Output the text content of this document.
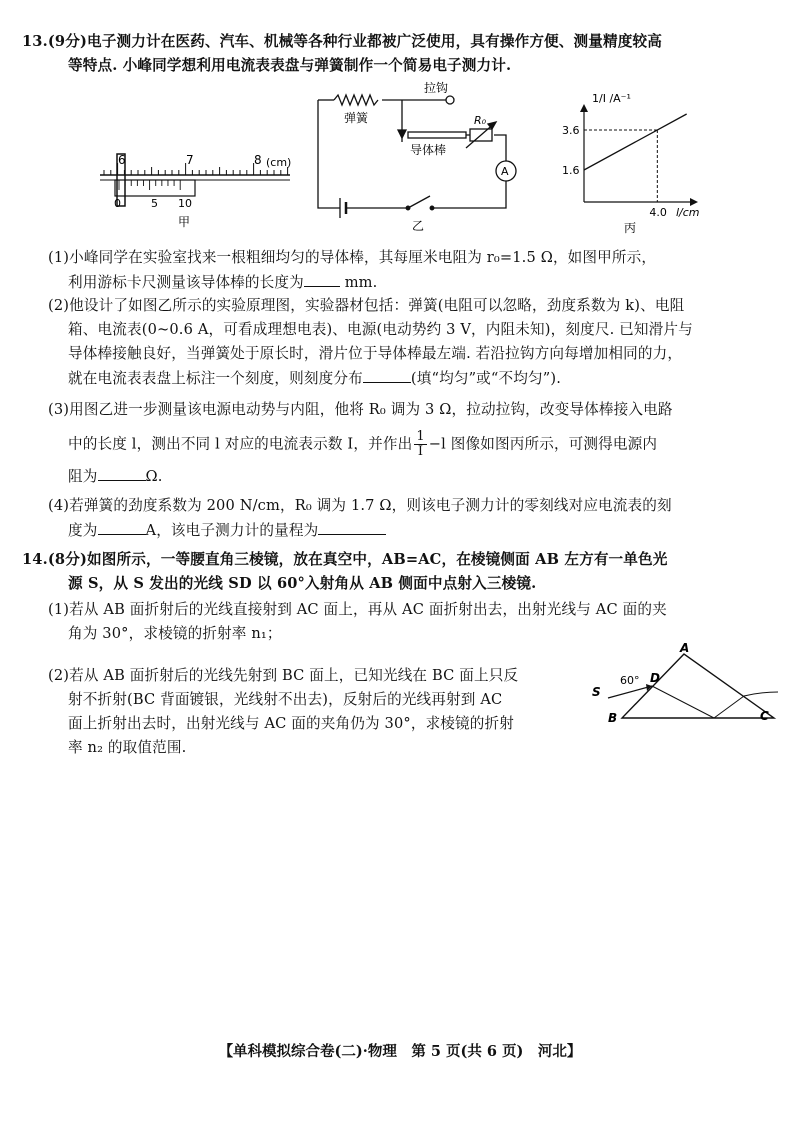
13.(9分)电子测力计在医药、汽车、机械等各种行业都被广泛使用，具有操作方便、测量精度较高
等特点. 小峰同学想利用电流表表盘与弹簧制作一个简易电子测力计.
6	7	8 (cm)
0	5 10
甲
拉钩
弹簧
导体棒
R₀
A
乙
1/I /A⁻¹
3.6
1.6
4.0 l/cm
丙
(1)小峰同学在实验室找来一根粗细均匀的导体棒，其每厘米电阻为 r₀=1.5 Ω，如图甲所示，
利用游标卡尺测量该导体棒的长度为 mm.
(2)他设计了如图乙所示的实验原理图，实验器材包括：弹簧(电阻可以忽略，劲度系数为 k)、电阻
箱、电流表(0~0.6 A，可看成理想电表)、电源(电动势约 3 V，内阻未知)，刻度尺. 已知滑片与
导体棒接触良好，当弹簧处于原长时，滑片位于导体棒最左端. 若沿拉钩方向每增加相同的力，
就在电流表表盘上标注一个刻度，则刻度分布	(填“均匀”或“不均匀”).
(3)用图乙进一步测量该电源电动势与内阻，他将 R₀ 调为 3 Ω，拉动拉钩，改变导体棒接入电路
中的长度 l，测出不同 l 对应的电流表示数 I，并作出 $\frac{1}{I} -l$ 图像如图丙所示，可测得电源内
阻为	Ω.
(4)若弹簧的劲度系数为 200 N/cm，R₀ 调为 1.7 Ω，则该电子测力计的零刻线对应电流表的刻
度为	A，该电子测力计的量程为
14.(8分)如图所示，一等腰直角三棱镜，放在真空中，AB=AC，在棱镜侧面 AB 左方有一单色光
源 S，从 S 发出的光线 SD 以 60°入射角从 AB 侧面中点射入三棱镜.
(1)若从 AB 面折射后的光线直接射到 AC 面上，再从 AC 面折射出去，出射光线与 AC 面的夹
角为 30°，求棱镜的折射率 n₁；
(2)若从 AB 面折射后的光线先射到 BC 面上，已知光线在 BC 面上只反
射不折射(BC 背面镀银，光线射不出去)，反射后的光线再射到 AC
面上折射出去时，出射光线与 AC 面的夹角仍为 30°，求棱镜的折射
率 n₂ 的取值范围.
A
B	C
D
S
60°
【单科模拟综合卷(二)·物理　第 5 页(共 6 页)　河北】
